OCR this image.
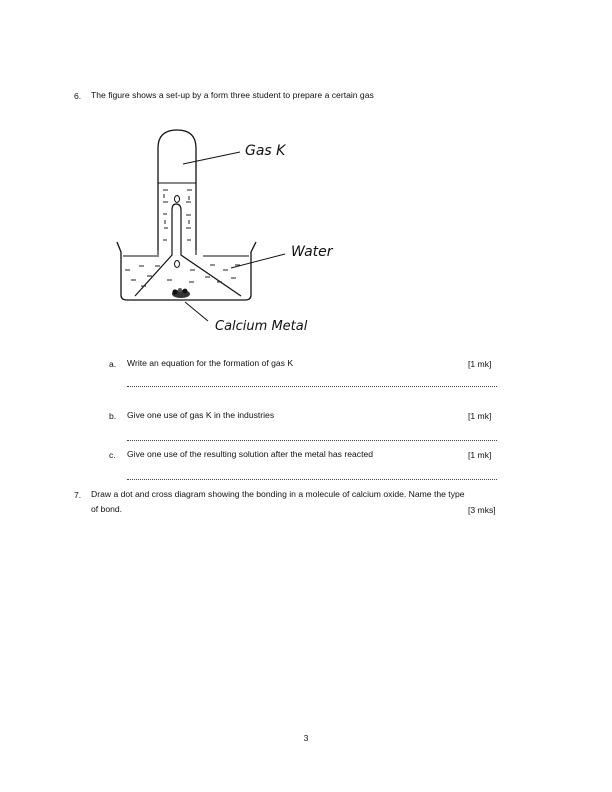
6. The figure shows a set-up by a form three student to prepare a certain gas
Gas K
Water
Calcium Metal
a. Write an equation for the formation of gas K	[1 mk]
b. Give one use of gas K in the industries	[1 mk]
c. Give one use of the resulting solution after the metal has reacted	[1 mk]
7. Draw a dot and cross diagram showing the bonding in a molecule of calcium oxide. Name the type
of bond.	[3 mks]
3
